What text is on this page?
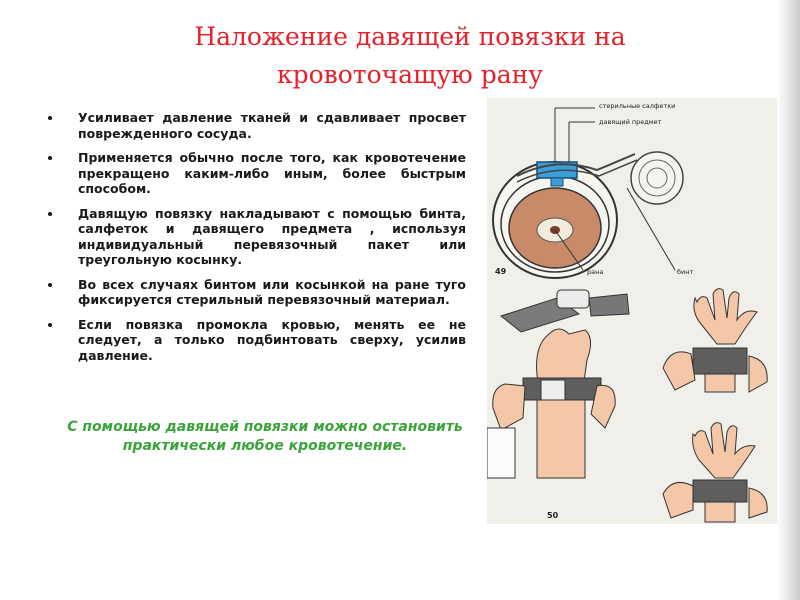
Наложение давящей повязки на кровоточащую рану
Усиливает давление тканей и сдавливает просвет поврежденного сосуда.
Применяется обычно после того, как кровотечение прекращено каким-либо иным, более быстрым способом.
Давящую повязку накладывают с помощью бинта, салфеток и давящего предмета , используя индивидуальный перевязочный пакет или треугольную косынку.
Во всех случаях бинтом или косынкой на ране туго фиксируется стерильный перевязочный материал.
Если повязка промокла кровью, менять ее не следует, а только подбинтовать сверху, усилив давление.

С помощью давящей повязки можно остановить практически любое кровотечение.

стерильные салфетки
давящий предмет
рана	бинт
49
50
